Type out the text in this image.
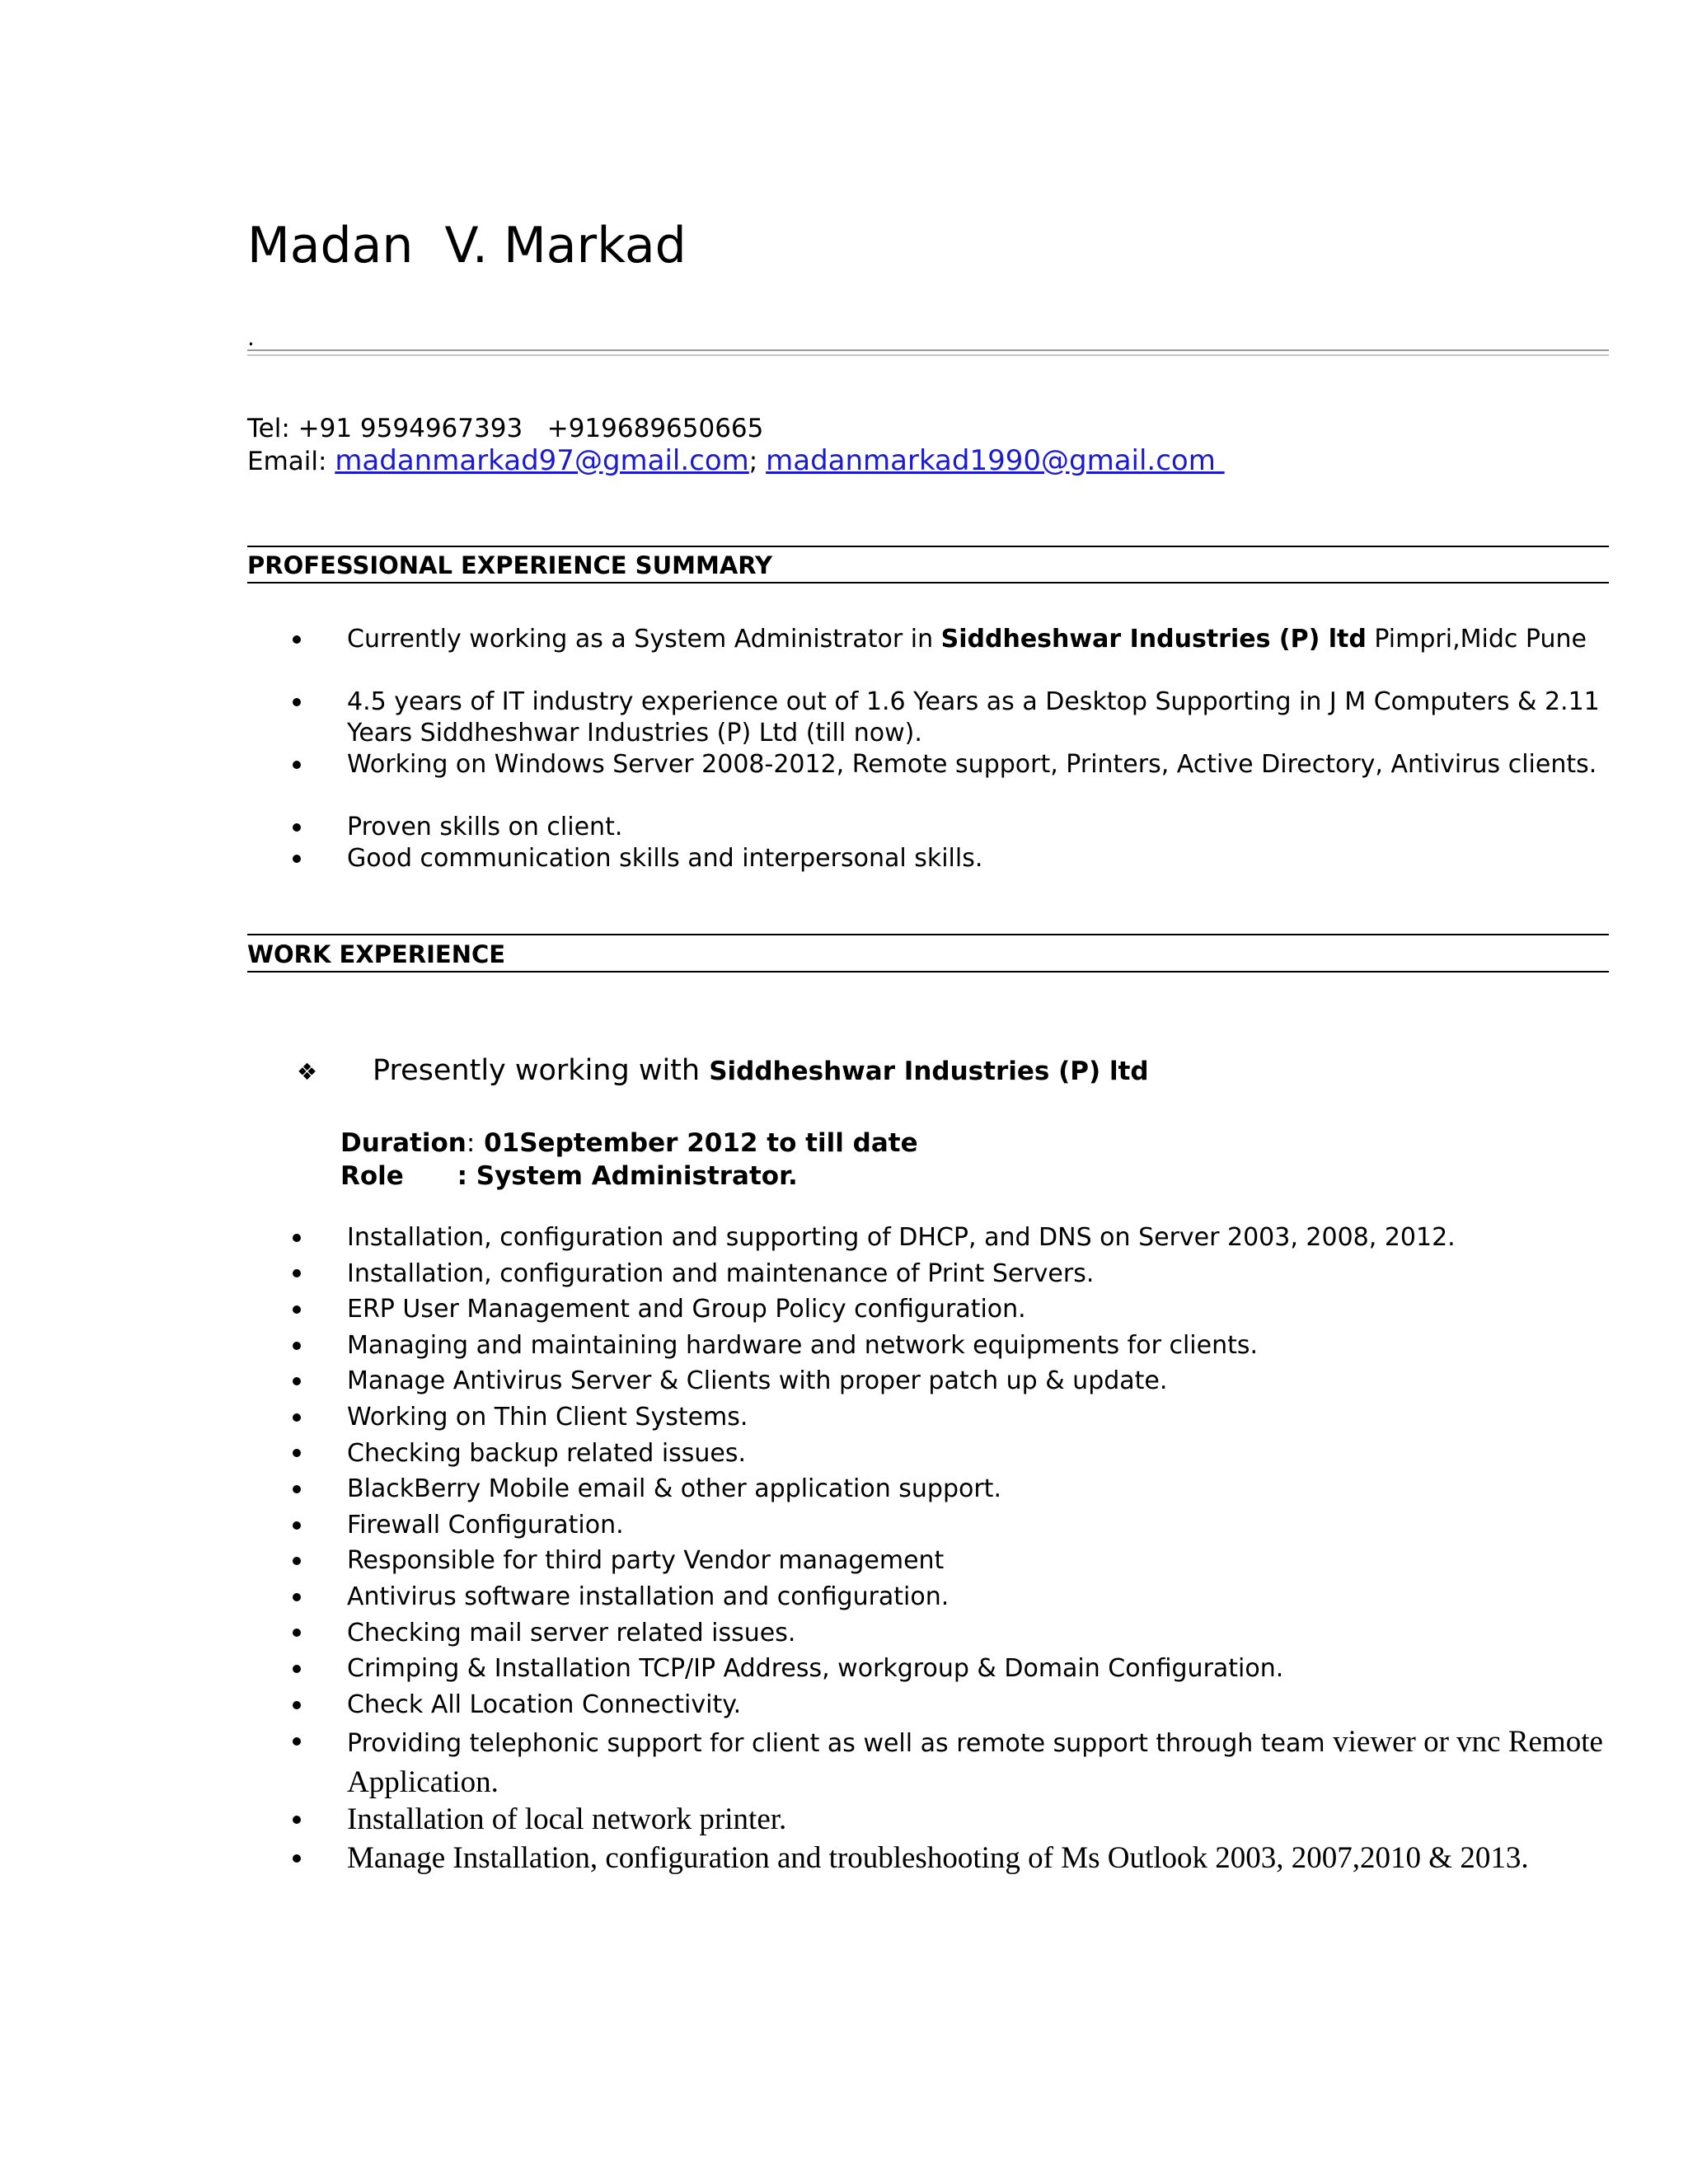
Madan  V. Markad
.
Tel: +91 9594967393   +919689650665
Email: madanmarkad97@gmail.com; madanmarkad1990@gmail.com
PROFESSIONAL EXPERIENCE SUMMARY
Currently working as a System Administrator in Siddheshwar Industries (P) ltd Pimpri,Midc Pune
4.5 years of IT industry experience out of 1.6 Years as a Desktop Supporting in J M Computers & 2.11 Years Siddheshwar Industries (P) Ltd (till now).
Working on Windows Server 2008-2012, Remote support, Printers, Active Directory, Antivirus clients.
Proven skills on client.
Good communication skills and interpersonal skills.
WORK EXPERIENCE
❖ Presently working with Siddheshwar Industries (P) ltd
Duration: 01September 2012 to till date
Role      : System Administrator.
Installation, configuration and supporting of DHCP, and DNS on Server 2003, 2008, 2012.
Installation, configuration and maintenance of Print Servers.
ERP User Management and Group Policy configuration.
Managing and maintaining hardware and network equipments for clients.
Manage Antivirus Server & Clients with proper patch up & update.
Working on Thin Client Systems.
Checking backup related issues.
BlackBerry Mobile email & other application support.
Firewall Configuration.
Responsible for third party Vendor management
Antivirus software installation and configuration.
Checking mail server related issues.
Crimping & Installation TCP/IP Address, workgroup & Domain Configuration.
Check All Location Connectivity.
Providing telephonic support for client as well as remote support through team viewer or vnc Remote Application.
Installation of local network printer.
Manage Installation, configuration and troubleshooting of Ms Outlook 2003, 2007,2010 & 2013.
